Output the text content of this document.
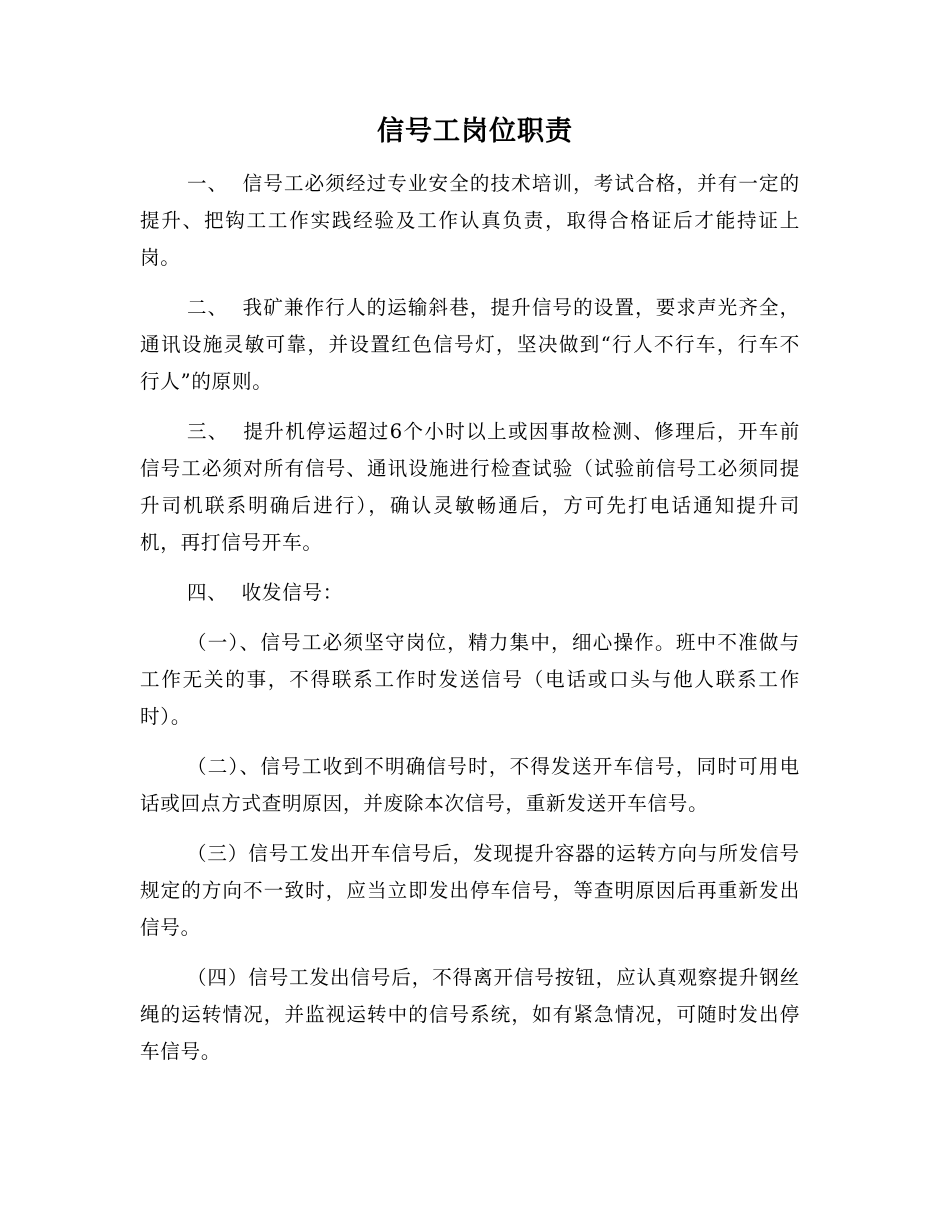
信号工岗位职责

一、 信号工必须经过专业安全的技术培训，考试合格，并有一定的提升、把钩工工作实践经验及工作认真负责，取得合格证后才能持证上岗。

二、 我矿兼作行人的运输斜巷，提升信号的设置，要求声光齐全，通讯设施灵敏可靠，并设置红色信号灯，坚决做到“行人不行车，行车不行人”的原则。

三、 提升机停运超过6个小时以上或因事故检测、修理后，开车前信号工必须对所有信号、通讯设施进行检查试验（试验前信号工必须同提升司机联系明确后进行），确认灵敏畅通后，方可先打电话通知提升司机，再打信号开车。

四、 收发信号：

（一）、信号工必须坚守岗位，精力集中，细心操作。班中不准做与工作无关的事，不得联系工作时发送信号（电话或口头与他人联系工作时）。

（二）、信号工收到不明确信号时，不得发送开车信号，同时可用电话或回点方式查明原因，并废除本次信号，重新发送开车信号。

（三）信号工发出开车信号后，发现提升容器的运转方向与所发信号规定的方向不一致时，应当立即发出停车信号，等查明原因后再重新发出信号。

（四）信号工发出信号后，不得离开信号按钮，应认真观察提升钢丝绳的运转情况，并监视运转中的信号系统，如有紧急情况，可随时发出停车信号。
